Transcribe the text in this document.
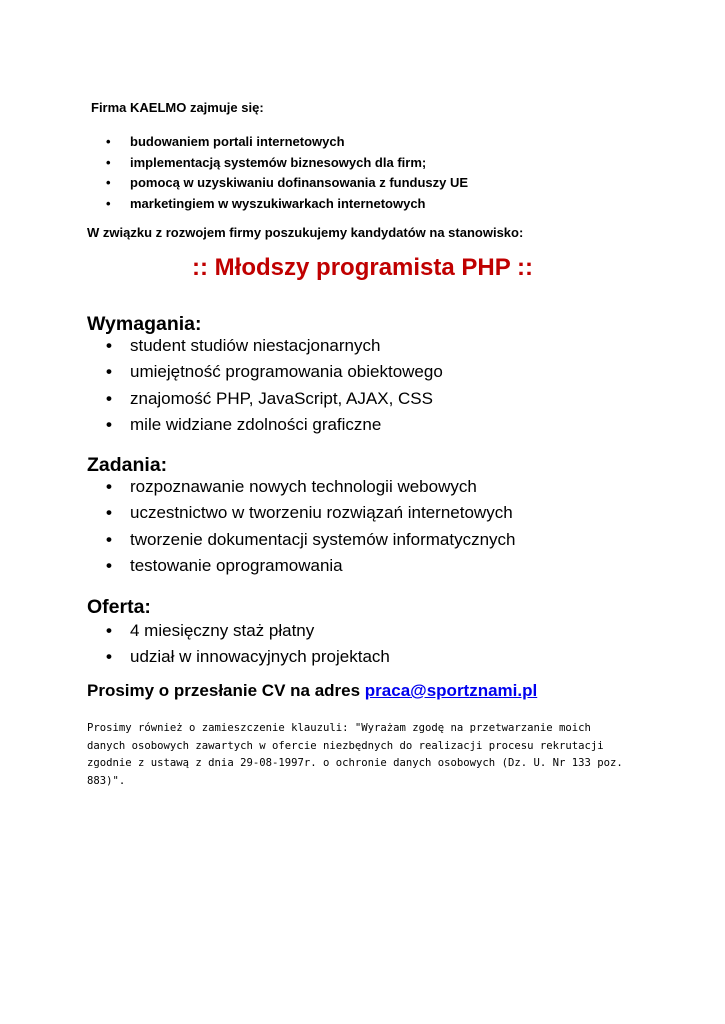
Firma KAELMO zajmuje się:

• budowaniem portali internetowych
• implementacją systemów biznesowych dla firm;
• pomocą w uzyskiwaniu dofinansowania z funduszy UE
• marketingiem w wyszukiwarkach internetowych

W związku z rozwojem firmy poszukujemy kandydatów na stanowisko:

:: Młodszy programista PHP ::
Wymagania:
• student studiów niestacjonarnych
• umiejętność programowania obiektowego
• znajomość PHP, JavaScript, AJAX, CSS
• mile widziane zdolności graficzne
Zadania:
• rozpoznawanie nowych technologii webowych
• uczestnictwo w tworzeniu rozwiązań internetowych
• tworzenie dokumentacji systemów informatycznych
• testowanie oprogramowania
Oferta:
• 4 miesięczny staż płatny
• udział w innowacyjnych projektach

Prosimy o przesłanie CV na adres praca@sportznami.pl

Prosimy również o zamieszczenie klauzuli: "Wyrażam zgodę na przetwarzanie moich danych osobowych zawartych w ofercie niezbędnych do realizacji procesu rekrutacji zgodnie z ustawą z dnia 29-08-1997r. o ochronie danych osobowych (Dz. U. Nr 133 poz. 883)".
